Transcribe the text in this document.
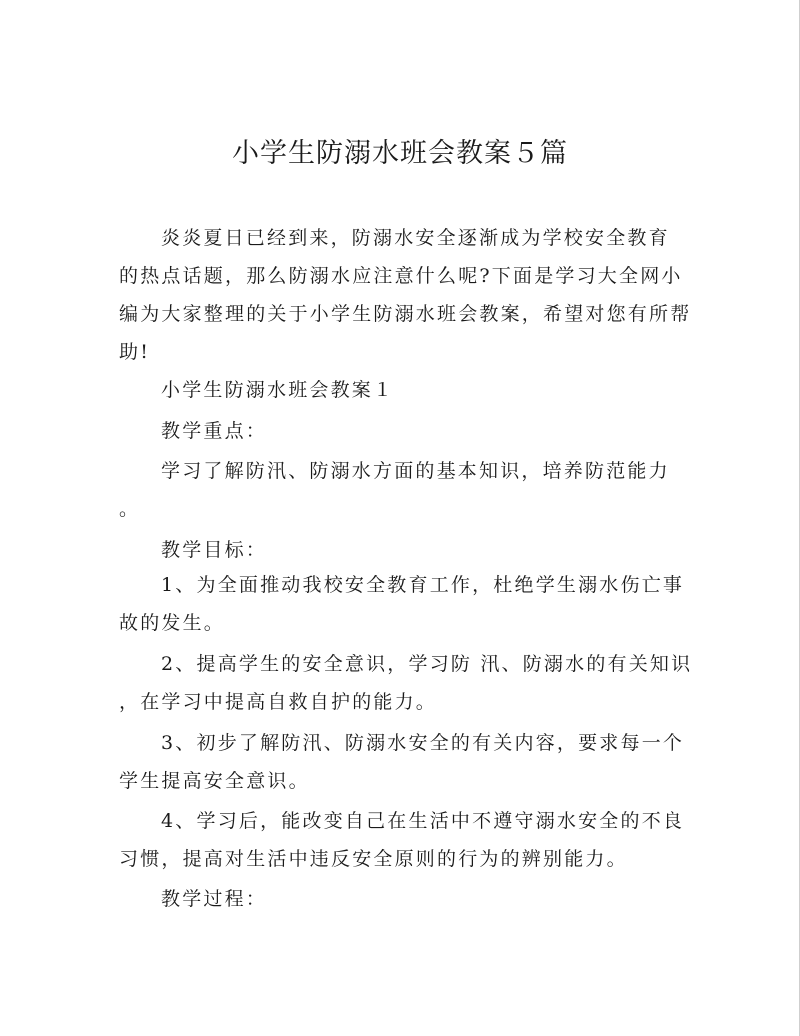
小学生防溺水班会教案５篇
炎炎夏日已经到来，防溺水安全逐渐成为学校安全教育
的热点话题，那么防溺水应注意什么呢?下面是学习大全网小
编为大家整理的关于小学生防溺水班会教案，希望对您有所帮
助!
小学生防溺水班会教案１
教学重点：
学习了解防汛、防溺水方面的基本知识，培养防范能力
。
教学目标：
1、为全面推动我校安全教育工作，杜绝学生溺水伤亡事
故的发生。
2、提高学生的安全意识，学习防 汛、防溺水的有关知识
，在学习中提高自救自护的能力。
3、初步了解防汛、防溺水安全的有关内容，要求每一个
学生提高安全意识。
4、学习后，能改变自己在生活中不遵守溺水安全的不良
习惯，提高对生活中违反安全原则的行为的辨别能力。
教学过程：
